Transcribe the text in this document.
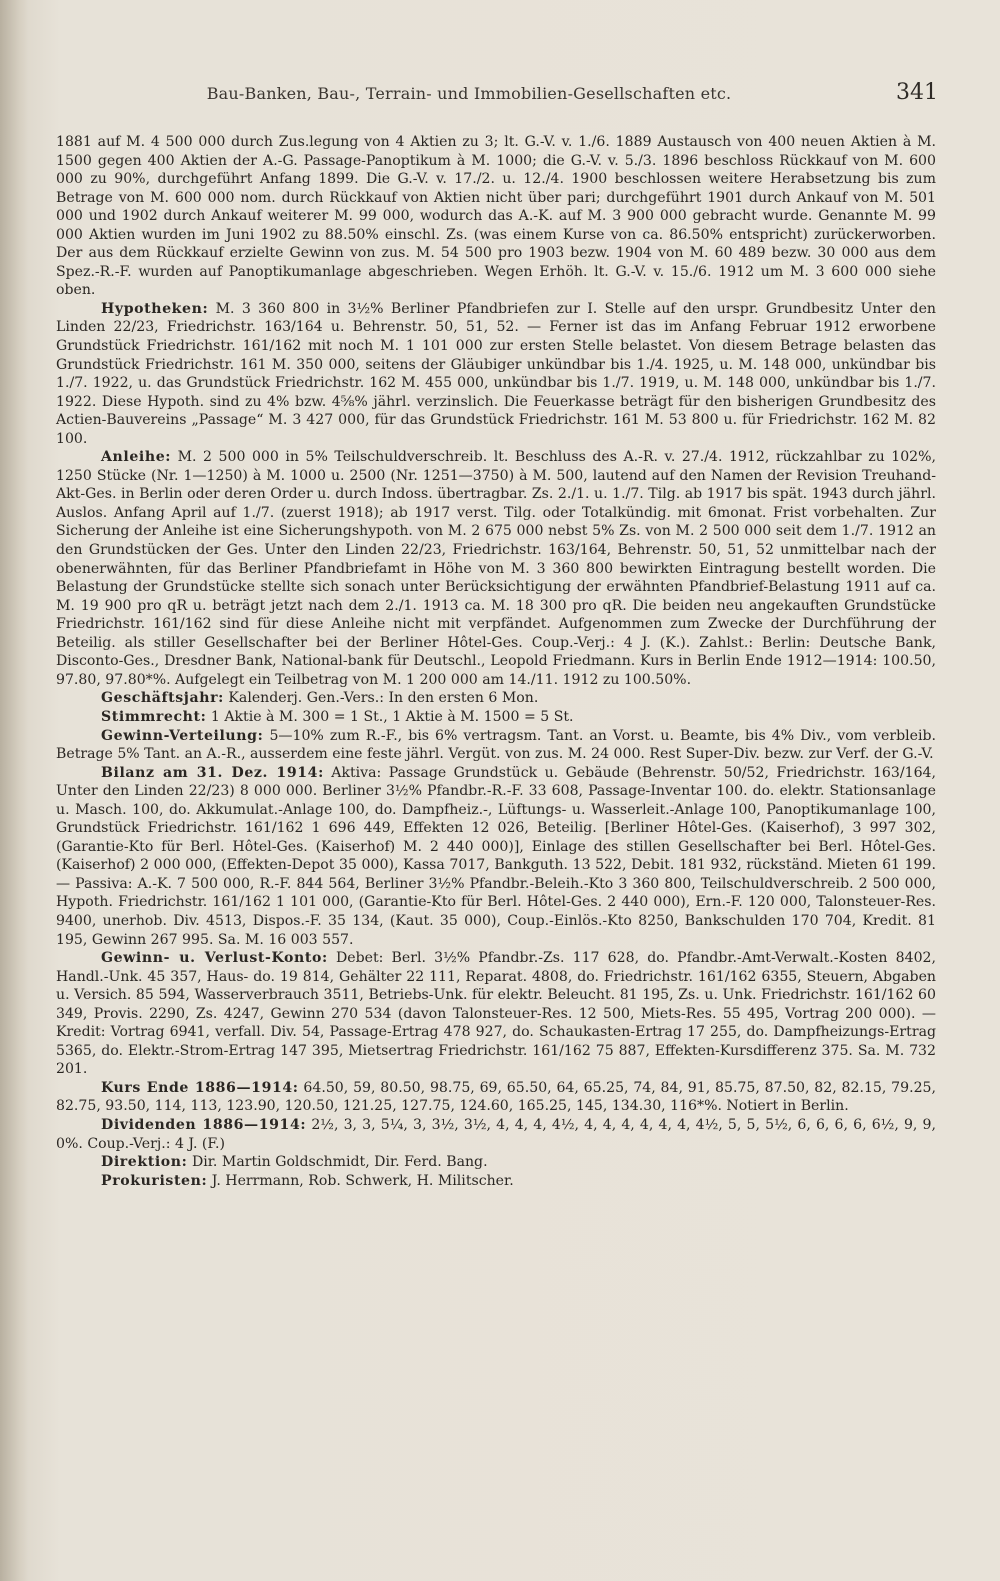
Bau-Banken, Bau-, Terrain- und Immobilien-Gesellschaften etc.	341

1881 auf M. 4 500 000 durch Zus.legung von 4 Aktien zu 3; lt. G.-V. v. 1./6. 1889 Austausch von 400 neuen Aktien à M. 1500 gegen 400 Aktien der A.-G. Passage-Panoptikum à M. 1000; die G.-V. v. 5./3. 1896 beschloss Rückkauf von M. 600 000 zu 90%, durchgeführt Anfang 1899. Die G.-V. v. 17./2. u. 12./4. 1900 beschlossen weitere Herabsetzung bis zum Betrage von M. 600 000 nom. durch Rückkauf von Aktien nicht über pari; durchgeführt 1901 durch Ankauf von M. 501 000 und 1902 durch Ankauf weiterer M. 99 000, wodurch das A.-K. auf M. 3 900 000 gebracht wurde. Genannte M. 99 000 Aktien wurden im Juni 1902 zu 88.50% einschl. Zs. (was einem Kurse von ca. 86.50% entspricht) zurückerworben. Der aus dem Rückkauf erzielte Gewinn von zus. M. 54 500 pro 1903 bezw. 1904 von M. 60 489 bezw. 30 000 aus dem Spez.-R.-F. wurden auf Panoptikumanlage abgeschrieben. Wegen Erhöh. lt. G.-V. v. 15./6. 1912 um M. 3 600 000 siehe oben.

Hypotheken: M. 3 360 800 in 3½% Berliner Pfandbriefen zur I. Stelle auf den urspr. Grundbesitz Unter den Linden 22/23, Friedrichstr. 163/164 u. Behrenstr. 50, 51, 52. — Ferner ist das im Anfang Februar 1912 erworbene Grundstück Friedrichstr. 161/162 mit noch M. 1 101 000 zur ersten Stelle belastet. Von diesem Betrage belasten das Grundstück Friedrichstr. 161 M. 350 000, seitens der Gläubiger unkündbar bis 1./4. 1925, u. M. 148 000, unkündbar bis 1./7. 1922, u. das Grundstück Friedrichstr. 162 M. 455 000, unkündbar bis 1./7. 1919, u. M. 148 000, unkündbar bis 1./7. 1922. Diese Hypoth. sind zu 4% bzw. 4⅝% jährl. verzinslich. Die Feuerkasse beträgt für den bisherigen Grundbesitz des Actien-Bauvereins „Passage“ M. 3 427 000, für das Grundstück Friedrichstr. 161 M. 53 800 u. für Friedrichstr. 162 M. 82 100.

Anleihe: M. 2 500 000 in 5% Teilschuldverschreib. lt. Beschluss des A.-R. v. 27./4. 1912, rückzahlbar zu 102%, 1250 Stücke (Nr. 1—1250) à M. 1000 u. 2500 (Nr. 1251—3750) à M. 500, lautend auf den Namen der Revision Treuhand-Akt-Ges. in Berlin oder deren Order u. durch Indoss. übertragbar. Zs. 2./1. u. 1./7. Tilg. ab 1917 bis spät. 1943 durch jährl. Auslos. Anfang April auf 1./7. (zuerst 1918); ab 1917 verst. Tilg. oder Totalkündig. mit 6monat. Frist vorbehalten. Zur Sicherung der Anleihe ist eine Sicherungshypoth. von M. 2 675 000 nebst 5% Zs. von M. 2 500 000 seit dem 1./7. 1912 an den Grundstücken der Ges. Unter den Linden 22/23, Friedrichstr. 163/164, Behrenstr. 50, 51, 52 unmittelbar nach der obenerwähnten, für das Berliner Pfandbriefamt in Höhe von M. 3 360 800 bewirkten Eintragung bestellt worden. Die Belastung der Grundstücke stellte sich sonach unter Berücksichtigung der erwähnten Pfandbrief-Belastung 1911 auf ca. M. 19 900 pro qR u. beträgt jetzt nach dem 2./1. 1913 ca. M. 18 300 pro qR. Die beiden neu angekauften Grundstücke Friedrichstr. 161/162 sind für diese Anleihe nicht mit verpfändet. Aufgenommen zum Zwecke der Durchführung der Beteilig. als stiller Gesellschafter bei der Berliner Hôtel-Ges. Coup.-Verj.: 4 J. (K.). Zahlst.: Berlin: Deutsche Bank, Disconto-Ges., Dresdner Bank, National-bank für Deutschl., Leopold Friedmann. Kurs in Berlin Ende 1912—1914: 100.50, 97.80, 97.80*%. Aufgelegt ein Teilbetrag von M. 1 200 000 am 14./11. 1912 zu 100.50%.

Geschäftsjahr: Kalenderj. Gen.-Vers.: In den ersten 6 Mon.

Stimmrecht: 1 Aktie à M. 300 = 1 St., 1 Aktie à M. 1500 = 5 St.

Gewinn-Verteilung: 5—10% zum R.-F., bis 6% vertragsm. Tant. an Vorst. u. Beamte, bis 4% Div., vom verbleib. Betrage 5% Tant. an A.-R., ausserdem eine feste jährl. Vergüt. von zus. M. 24 000. Rest Super-Div. bezw. zur Verf. der G.-V.

Bilanz am 31. Dez. 1914: Aktiva: Passage Grundstück u. Gebäude (Behrenstr. 50/52, Friedrichstr. 163/164, Unter den Linden 22/23) 8 000 000. Berliner 3½% Pfandbr.-R.-F. 33 608, Passage-Inventar 100. do. elektr. Stationsanlage u. Masch. 100, do. Akkumulat.-Anlage 100, do. Dampfheiz.-, Lüftungs- u. Wasserleit.-Anlage 100, Panoptikumanlage 100, Grundstück Friedrichstr. 161/162 1 696 449, Effekten 12 026, Beteilig. [Berliner Hôtel-Ges. (Kaiserhof), 3 997 302, (Garantie-Kto für Berl. Hôtel-Ges. (Kaiserhof) M. 2 440 000)], Einlage des stillen Gesellschafter bei Berl. Hôtel-Ges. (Kaiserhof) 2 000 000, (Effekten-Depot 35 000), Kassa 7017, Bankguth. 13 522, Debit. 181 932, rückständ. Mieten 61 199. — Passiva: A.-K. 7 500 000, R.-F. 844 564, Berliner 3½% Pfandbr.-Beleih.-Kto 3 360 800, Teilschuldverschreib. 2 500 000, Hypoth. Friedrichstr. 161/162 1 101 000, (Garantie-Kto für Berl. Hôtel-Ges. 2 440 000), Ern.-F. 120 000, Talonsteuer-Res. 9400, unerhob. Div. 4513, Dispos.-F. 35 134, (Kaut. 35 000), Coup.-Einlös.-Kto 8250, Bankschulden 170 704, Kredit. 81 195, Gewinn 267 995. Sa. M. 16 003 557.

Gewinn- u. Verlust-Konto: Debet: Berl. 3½% Pfandbr.-Zs. 117 628, do. Pfandbr.-Amt-Verwalt.-Kosten 8402, Handl.-Unk. 45 357, Haus- do. 19 814, Gehälter 22 111, Reparat. 4808, do. Friedrichstr. 161/162 6355, Steuern, Abgaben u. Versich. 85 594, Wasserverbrauch 3511, Betriebs-Unk. für elektr. Beleucht. 81 195, Zs. u. Unk. Friedrichstr. 161/162 60 349, Provis. 2290, Zs. 4247, Gewinn 270 534 (davon Talonsteuer-Res. 12 500, Miets-Res. 55 495, Vortrag 200 000). — Kredit: Vortrag 6941, verfall. Div. 54, Passage-Ertrag 478 927, do. Schaukasten-Ertrag 17 255, do. Dampfheizungs-Ertrag 5365, do. Elektr.-Strom-Ertrag 147 395, Mietsertrag Friedrichstr. 161/162 75 887, Effekten-Kursdifferenz 375. Sa. M. 732 201.

Kurs Ende 1886—1914: 64.50, 59, 80.50, 98.75, 69, 65.50, 64, 65.25, 74, 84, 91, 85.75, 87.50, 82, 82.15, 79.25, 82.75, 93.50, 114, 113, 123.90, 120.50, 121.25, 127.75, 124.60, 165.25, 145, 134.30, 116*%. Notiert in Berlin.

Dividenden 1886—1914: 2½, 3, 3, 5¼, 3, 3½, 3½, 4, 4, 4, 4½, 4, 4, 4, 4, 4, 4, 4½, 5, 5, 5½, 6, 6, 6, 6, 6½, 9, 9, 0%. Coup.-Verj.: 4 J. (F.)

Direktion: Dir. Martin Goldschmidt, Dir. Ferd. Bang.

Prokuristen: J. Herrmann, Rob. Schwerk, H. Militscher.
